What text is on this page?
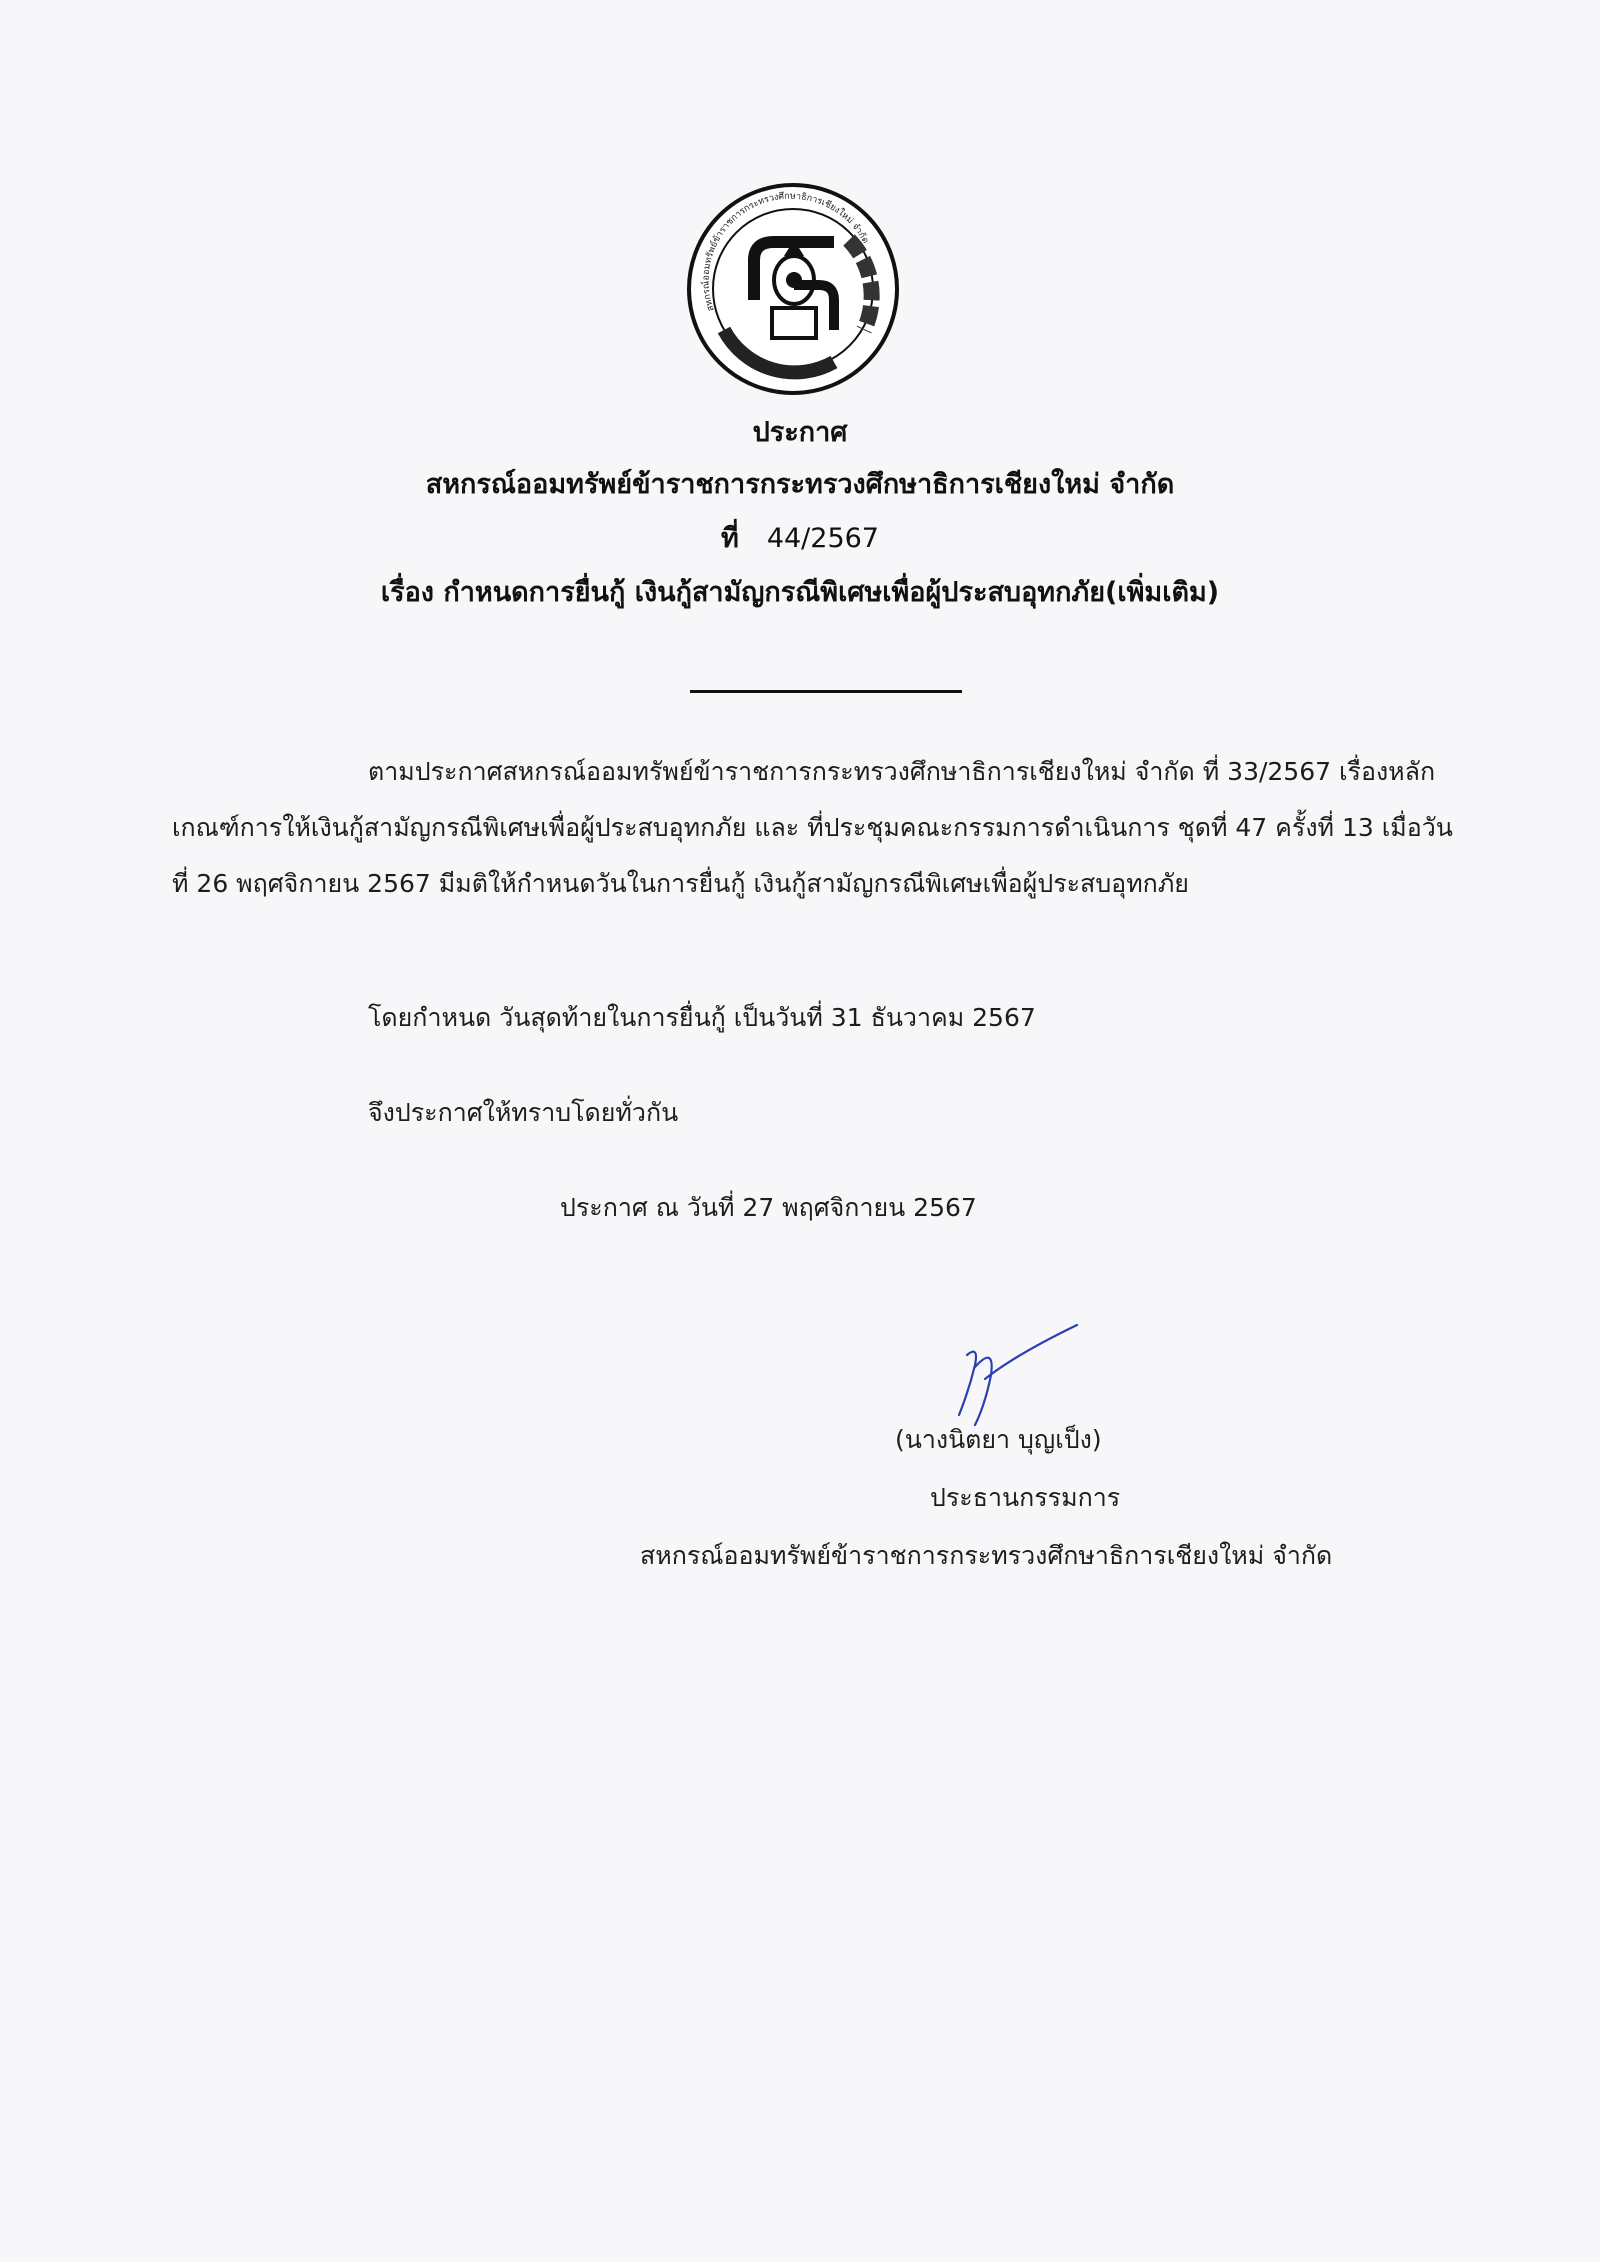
สหกรณ์ออมทรัพย์ข้าราชการกระทรวงศึกษาธิการเชียงใหม่ จำกัด
ประกาศ
สหกรณ์ออมทรัพย์ข้าราชการกระทรวงศึกษาธิการเชียงใหม่ จำกัด
ที่ 44/2567
เรื่อง กำหนดการยื่นกู้ เงินกู้สามัญกรณีพิเศษเพื่อผู้ประสบอุทกภัย(เพิ่มเติม)
ตามประกาศสหกรณ์ออมทรัพย์ข้าราชการกระทรวงศึกษาธิการเชียงใหม่ จำกัด ที่ 33/2567 เรื่องหลักเกณฑ์การให้เงินกู้สามัญกรณีพิเศษเพื่อผู้ประสบอุทกภัย และ ที่ประชุมคณะกรรมการดำเนินการ ชุดที่ 47 ครั้งที่ 13 เมื่อวันที่ 26 พฤศจิกายน 2567 มีมติให้กำหนดวันในการยื่นกู้ เงินกู้สามัญกรณีพิเศษเพื่อผู้ประสบอุทกภัย
โดยกำหนด วันสุดท้ายในการยื่นกู้ เป็นวันที่ 31 ธันวาคม 2567
จึงประกาศให้ทราบโดยทั่วกัน
ประกาศ ณ วันที่ 27 พฤศจิกายน 2567
(นางนิตยา บุญเป็ง)
ประธานกรรมการ
สหกรณ์ออมทรัพย์ข้าราชการกระทรวงศึกษาธิการเชียงใหม่ จำกัด
